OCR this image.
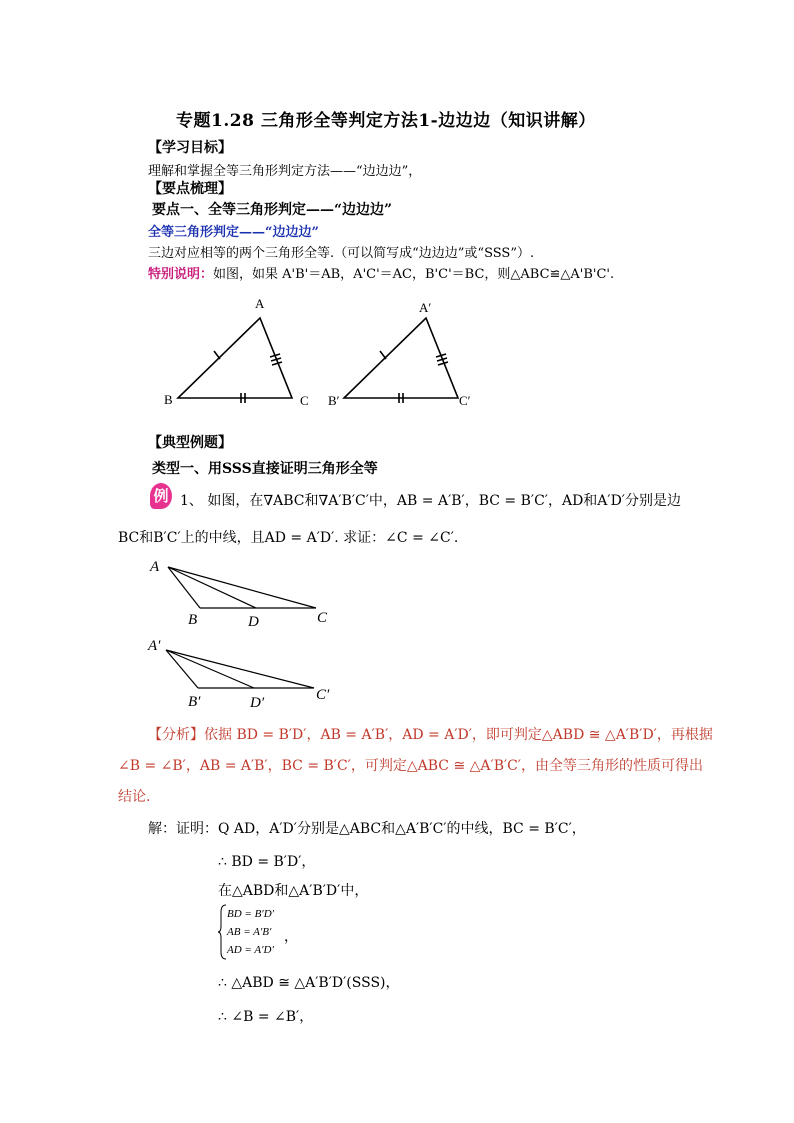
专题1.28 三角形全等判定方法1-边边边（知识讲解）
【学习目标】
理解和掌握全等三角形判定方法——“边边边”，
【要点梳理】
要点一、全等三角形判定——“边边边”
全等三角形判定——“边边边”
三边对应相等的两个三角形全等.（可以简写成“边边边”或“SSS”）.
特别说明：如图，如果 A'B'＝AB，A'C'＝AC，B'C'＝BC，则△ABC≌△A'B'C'.
A
B	C
A′
B′	C′
【典型例题】
类型一、用SSS直接证明三角形全等
例 1、 如图，在∇ABC和∇A′B′C′中，AB = A′B′，BC = B′C′，AD和A′D′分别是边
BC和B′C′上的中线，且AD = A′D′. 求证：∠C = ∠C′.
A
B	D	C
A′
B′	D′	C′
【分析】依据 BD = B′D′，AB = A′B′，AD = A′D′，即可判定△ABD ≅ △A′B′D′，再根据
∠B = ∠B′，AB = A′B′，BC = B′C′，可判定△ABC ≅ △A′B′C′，由全等三角形的性质可得出
结论.
解：证明：Q AD，A′D′分别是△ABC和△A′B′C′的中线，BC = B′C′，
∴ BD = B′D′，
在△ABD和△A′B′D′中，
BD = B′D′
AB = A′B′
AD = A′D′
，
∴ △ABD ≅ △A′B′D′(SSS)，
∴ ∠B = ∠B′，
